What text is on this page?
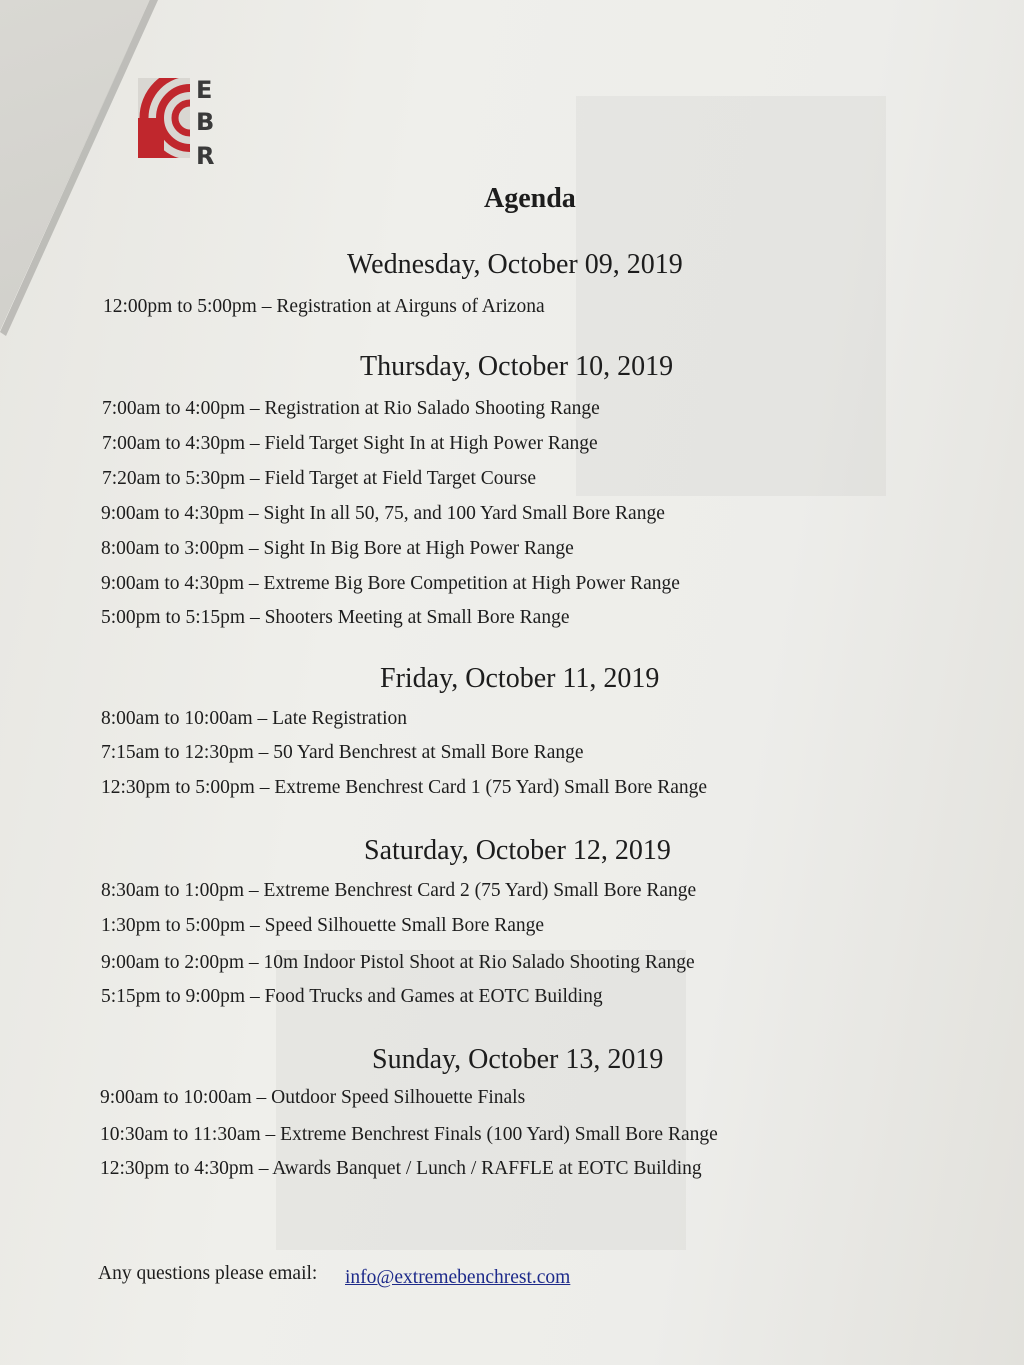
E
B
R
Agenda
Wednesday, October 09, 2019
12:00pm to 5:00pm – Registration at Airguns of Arizona
Thursday, October 10, 2019
7:00am to 4:00pm – Registration at Rio Salado Shooting Range
7:00am to 4:30pm – Field Target Sight In at High Power Range
7:20am to 5:30pm – Field Target at Field Target Course
9:00am to 4:30pm – Sight In all 50, 75, and 100 Yard Small Bore Range
8:00am to 3:00pm – Sight In Big Bore at High Power Range
9:00am to 4:30pm – Extreme Big Bore Competition at High Power Range
5:00pm to 5:15pm – Shooters Meeting at Small Bore Range
Friday, October 11, 2019
8:00am to 10:00am – Late Registration
7:15am to 12:30pm – 50 Yard Benchrest at Small Bore Range
12:30pm to 5:00pm – Extreme Benchrest Card 1 (75 Yard) Small Bore Range
Saturday, October 12, 2019
8:30am to 1:00pm – Extreme Benchrest Card 2 (75 Yard) Small Bore Range
1:30pm to 5:00pm – Speed Silhouette Small Bore Range
9:00am to 2:00pm – 10m Indoor Pistol Shoot at Rio Salado Shooting Range
5:15pm to 9:00pm – Food Trucks and Games at EOTC Building
Sunday, October 13, 2019
9:00am to 10:00am – Outdoor Speed Silhouette Finals
10:30am to 11:30am – Extreme Benchrest Finals (100 Yard) Small Bore Range
12:30pm to 4:30pm – Awards Banquet / Lunch / RAFFLE at EOTC Building
Any questions please email: info@extremebenchrest.com
